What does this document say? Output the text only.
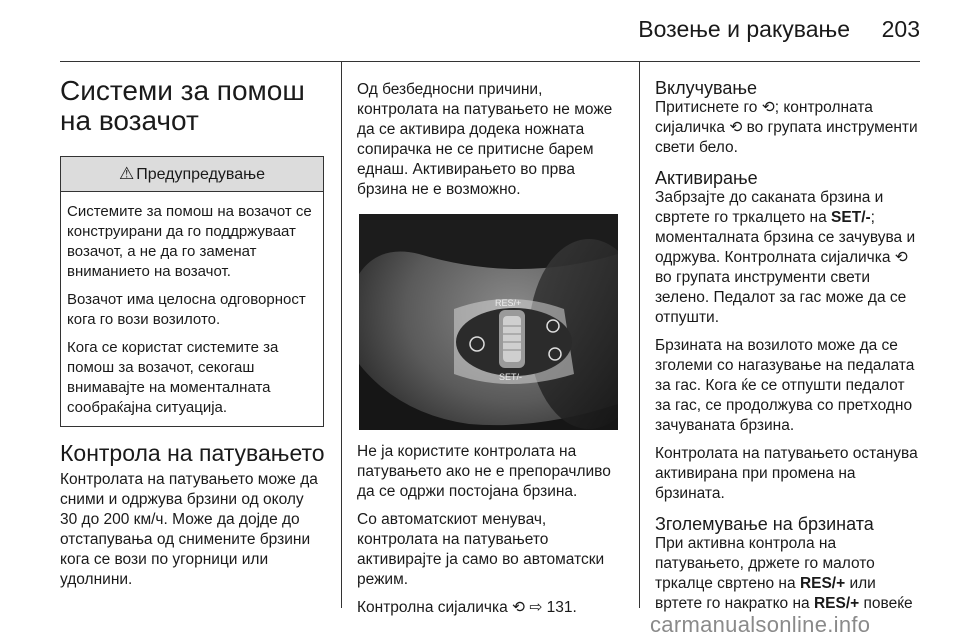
Возење и ракување	203
Системи за помош на возачот
⚠ Предупредување

Системите за помош на возачот се конструирани да го поддржуваат возачот, а не да го заменат вниманието на возачот.

Возачот има целосна одговорност кога го вози возилото.

Кога се користат системите за помош за возачот, секогаш внимавајте на моменталната сообраќајна ситуација.

Контрола на патувањето

Контролата на патувањето може да сними и одржува брзини од околу 30 до 200 км/ч. Може да дојде до отстапувања од снимените брзини кога се вози по угорници или удолнини.

Од безбедносни причини, контролата на патувањето не може да се активира додека ножната сопирачка не се притисне барем еднаш. Активирањето во прва брзина не е возможно.

RES/+
SET/-

Не ја користите контролата на патувањето ако не е препорачливо да се одржи постојана брзина.

Со автоматскиот менувач, контролата на патувањето активирајте ја само во автоматски режим.

Контролна сијаличка ⟲ ⇨ 131.

Вклучување

Притиснете го ⟲; контролната сијаличка ⟲ во групата инструменти свети бело.

Активирање

Забрзајте до саканата брзина и свртете го тркалцето на SET/-; моменталната брзина се зачувува и одржува. Контролната сијаличка ⟲ во групата инструменти свети зелено. Педалот за гас може да се отпушти.

Брзината на возилото може да се зголеми со нагазување на педалата за гас. Кога ќе се отпушти педалот за гас, се продолжува со претходно зачуваната брзина.

Контролата на патувањето останува активирана при промена на брзината.

Зголемување на брзината

При активна контрола на патувањето, држете го малото тркалце свртено на RES/+ или вртете го накратко на RES/+ повеќе

carmanualsonline.info
